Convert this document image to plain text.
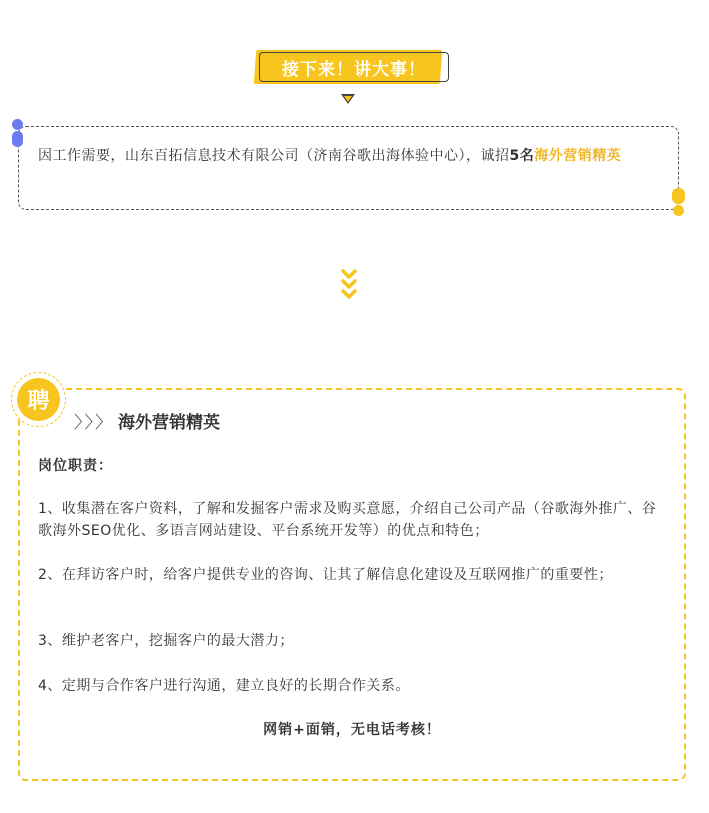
接下来！讲大事！
因工作需要，山东百拓信息技术有限公司（济南谷歌出海体验中心），诚招5名海外营销精英
聘
〉〉〉 海外营销精英
岗位职责：
1、收集潜在客户资料，了解和发掘客户需求及购买意愿，介绍自己公司产品（谷歌海外推广、谷歌海外SEO优化、多语言网站建设、平台系统开发等）的优点和特色；
2、在拜访客户时，给客户提供专业的咨询、让其了解信息化建设及互联网推广的重要性；
3、维护老客户，挖掘客户的最大潜力；
4、定期与合作客户进行沟通，建立良好的长期合作关系。
网销+面销，无电话考核！
